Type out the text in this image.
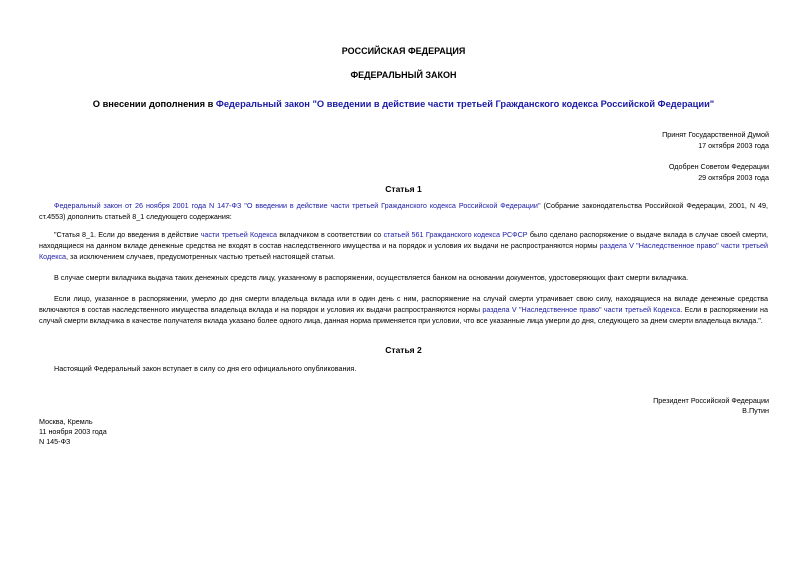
РОССИЙСКАЯ ФЕДЕРАЦИЯ
ФЕДЕРАЛЬНЫЙ ЗАКОН
О внесении дополнения в Федеральный закон "О введении в действие части третьей Гражданского кодекса Российской Федерации"
Принят Государственной Думой
17 октября 2003 года
Одобрен Советом Федерации
29 октября 2003 года
Статья 1
Федеральный закон от 26 ноября 2001 года N 147-ФЗ "О введении в действие части третьей Гражданского кодекса Российской Федерации" (Собрание законодательства Российской Федерации, 2001, N 49, ст.4553) дополнить статьей 8_1 следующего содержания:
"Статья 8_1. Если до введения в действие части третьей Кодекса вкладчиком в соответствии со статьей 561 Гражданского кодекса РСФСР было сделано распоряжение о выдаче вклада в случае своей смерти, находящиеся на данном вкладе денежные средства не входят в состав наследственного имущества и на порядок и условия их выдачи не распространяются нормы раздела V "Наследственное право" части третьей Кодекса, за исключением случаев, предусмотренных частью третьей настоящей статьи.
В случае смерти вкладчика выдача таких денежных средств лицу, указанному в распоряжении, осуществляется банком на основании документов, удостоверяющих факт смерти вкладчика.
Если лицо, указанное в распоряжении, умерло до дня смерти владельца вклада или в один день с ним, распоряжение на случай смерти утрачивает свою силу, находящиеся на вкладе денежные средства включаются в состав наследственного имущества владельца вклада и на порядок и условия их выдачи распространяются нормы раздела V "Наследственное право" части третьей Кодекса. Если в распоряжении на случай смерти вкладчика в качестве получателя вклада указано более одного лица, данная норма применяется при условии, что все указанные лица умерли до дня, следующего за днем смерти владельца вклада.".
Статья 2
Настоящий Федеральный закон вступает в силу со дня его официального опубликования.
Президент Российской Федерации
В.Путин
Москва, Кремль
11 ноября 2003 года
N 145-ФЗ
